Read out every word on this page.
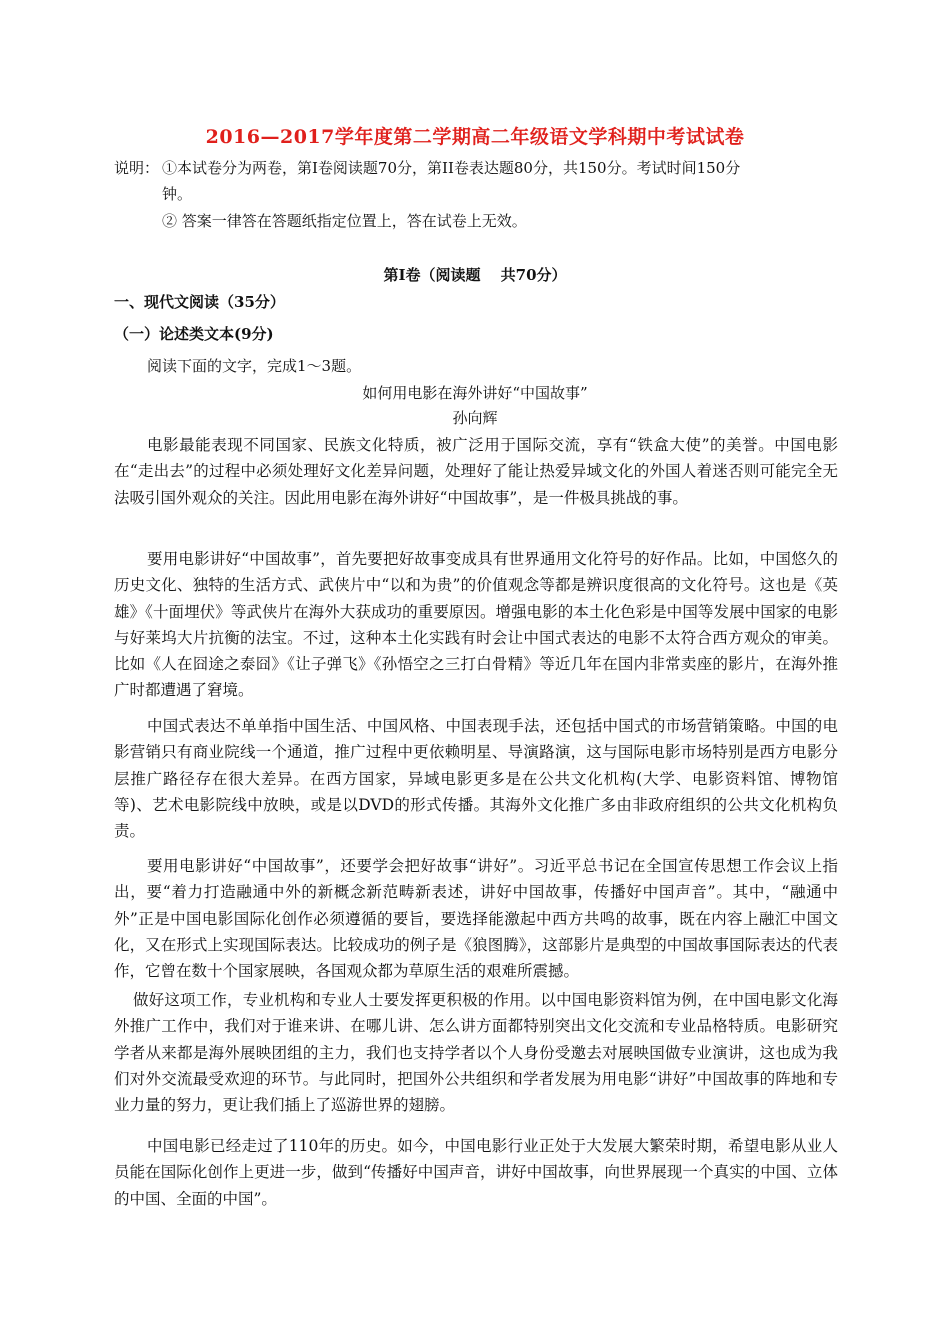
2016—2017学年度第二学期高二年级语文学科期中考试试卷
说明： ①本试卷分为两卷，第Ⅰ卷阅读题70分，第II卷表达题80分，共150分。考试时间150分
钟。
② 答案一律答在答题纸指定位置上，答在试卷上无效。
第Ⅰ卷（阅读题　 共70分）
一、现代文阅读（35分）
（一）论述类文本(9分)
阅读下面的文字，完成1～3题。
如何用电影在海外讲好“中国故事”
孙向辉

电影最能表现不同国家、民族文化特质，被广泛用于国际交流，享有“铁盒大使”的美誉。中国电影在“走出去”的过程中必须处理好文化差异问题，处理好了能让热爱异域文化的外国人着迷否则可能完全无法吸引国外观众的关注。因此用电影在海外讲好“中国故事”，是一件极具挑战的事。

要用电影讲好“中国故事”，首先要把好故事变成具有世界通用文化符号的好作品。比如，中国悠久的历史文化、独特的生活方式、武侠片中“以和为贵”的价值观念等都是辨识度很高的文化符号。这也是《英雄》《十面埋伏》等武侠片在海外大获成功的重要原因。增强电影的本土化色彩是中国等发展中国家的电影与好莱坞大片抗衡的法宝。不过，这种本土化实践有时会让中国式表达的电影不太符合西方观众的审美。比如《人在囧途之泰囧》《让子弹飞》《孙悟空之三打白骨精》等近几年在国内非常卖座的影片，在海外推广时都遭遇了窘境。

中国式表达不单单指中国生活、中国风格、中国表现手法，还包括中国式的市场营销策略。中国的电影营销只有商业院线一个通道，推广过程中更依赖明星、导演路演，这与国际电影市场特别是西方电影分层推广路径存在很大差异。在西方国家，异域电影更多是在公共文化机构(大学、电影资料馆、博物馆等)、艺术电影院线中放映，或是以DVD的形式传播。其海外文化推广多由非政府组织的公共文化机构负责。

要用电影讲好“中国故事”，还要学会把好故事“讲好”。习近平总书记在全国宣传思想工作会议上指出，要“着力打造融通中外的新概念新范畴新表述，讲好中国故事，传播好中国声音”。其中，“融通中外”正是中国电影国际化创作必须遵循的要旨，要选择能激起中西方共鸣的故事，既在内容上融汇中国文化，又在形式上实现国际表达。比较成功的例子是《狼图腾》，这部影片是典型的中国故事国际表达的代表作，它曾在数十个国家展映，各国观众都为草原生活的艰难所震撼。

做好这项工作，专业机构和专业人士要发挥更积极的作用。以中国电影资料馆为例，在中国电影文化海外推广工作中，我们对于谁来讲、在哪儿讲、怎么讲方面都特别突出文化交流和专业品格特质。电影研究学者从来都是海外展映团组的主力，我们也支持学者以个人身份受邀去对展映国做专业演讲，这也成为我们对外交流最受欢迎的环节。与此同时，把国外公共组织和学者发展为用电影“讲好”中国故事的阵地和专业力量的努力，更让我们插上了巡游世界的翅膀。

中国电影已经走过了110年的历史。如今，中国电影行业正处于大发展大繁荣时期，希望电影从业人员能在国际化创作上更进一步，做到“传播好中国声音，讲好中国故事，向世界展现一个真实的中国、立体的中国、全面的中国”。
